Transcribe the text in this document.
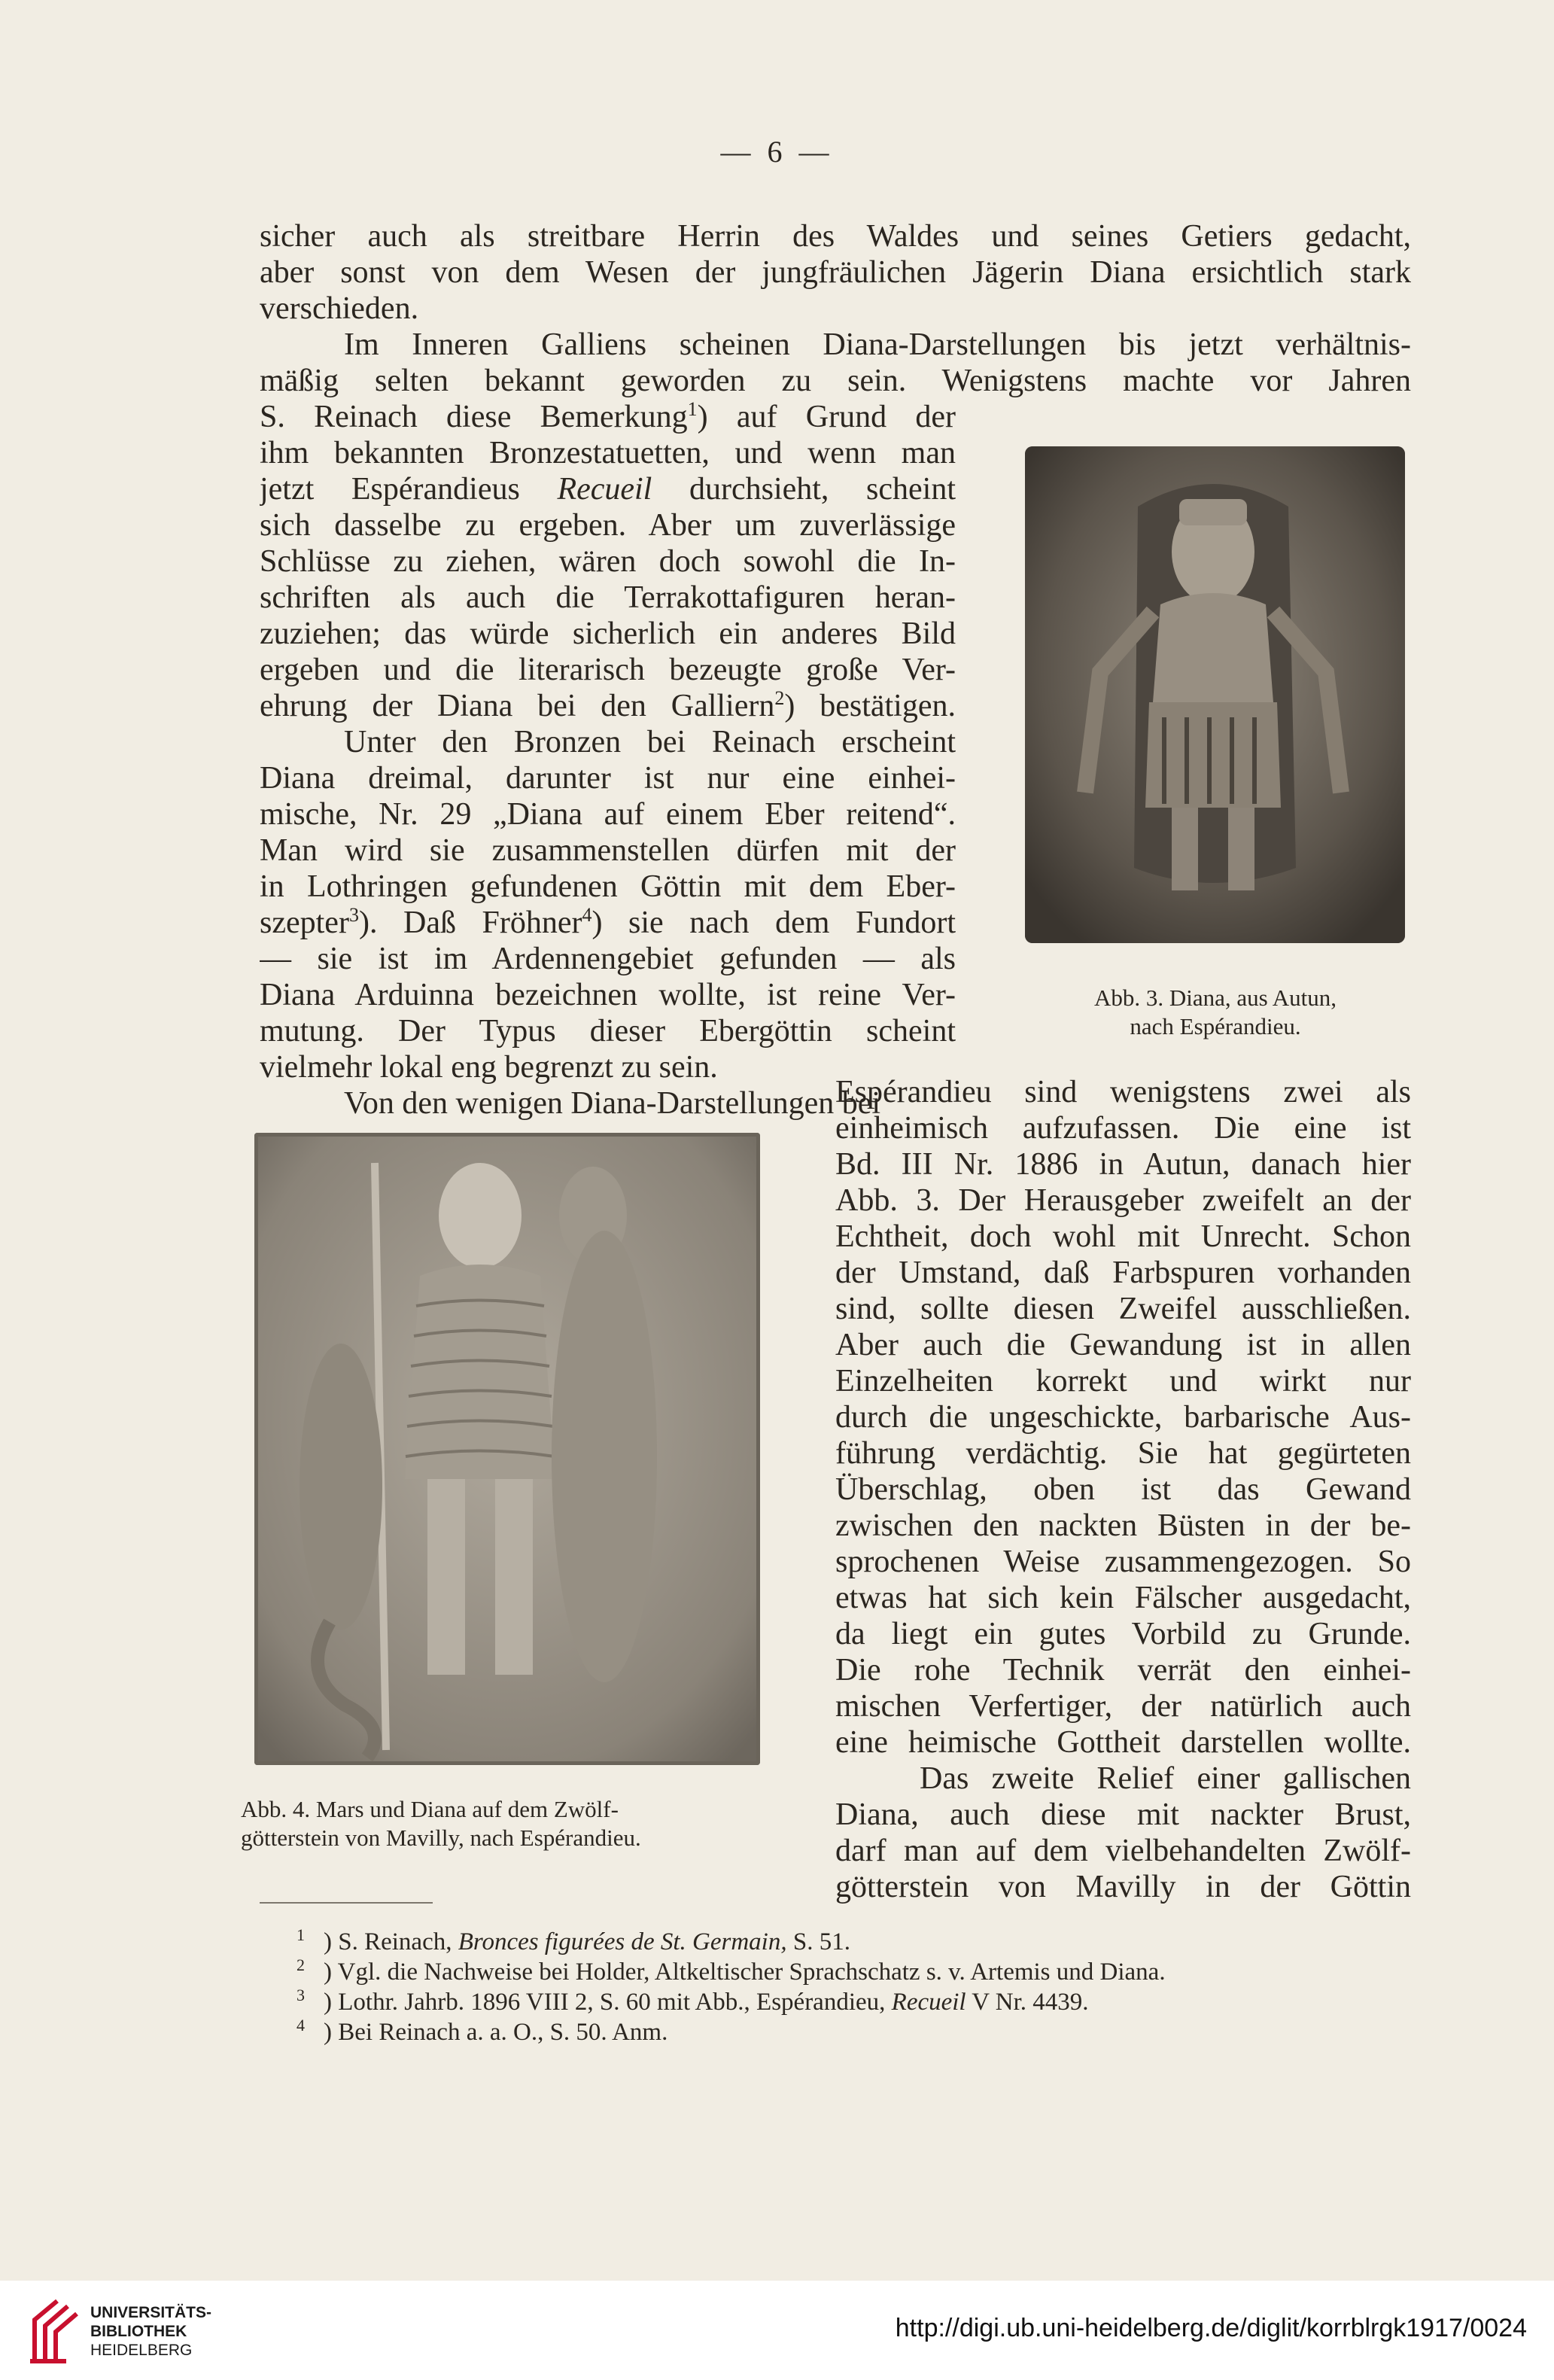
— 6 —
sicher auch als streitbare Herrin des Waldes und seines Getiers gedacht,
aber sonst von dem Wesen der jungfräulichen Jägerin Diana ersichtlich stark
verschieden.
Im Inneren Galliens scheinen Diana-Darstellungen bis jetzt verhältnis-
mäßig selten bekannt geworden zu sein. Wenigstens machte vor Jahren
S. Reinach diese Bemerkung$^1$) auf Grund der
ihm bekannten Bronzestatuetten, und wenn man
jetzt Espérandieus Recueil durchsieht, scheint
sich dasselbe zu ergeben. Aber um zuverlässige
Schlüsse zu ziehen, wären doch sowohl die In-
schriften als auch die Terrakottafiguren heran-
zuziehen; das würde sicherlich ein anderes Bild
ergeben und die literarisch bezeugte große Ver-
ehrung der Diana bei den Galliern$^2$) bestätigen.
Unter den Bronzen bei Reinach erscheint
Diana dreimal, darunter ist nur eine einhei-
mische, Nr. 29 „Diana auf einem Eber reitend“.
Man wird sie zusammenstellen dürfen mit der
in Lothringen gefundenen Göttin mit dem Eber-
szepter$^3$). Daß Fröhner$^4$) sie nach dem Fundort
— sie ist im Ardennengebiet gefunden — als
Diana Arduinna bezeichnen wollte, ist reine Ver-
mutung. Der Typus dieser Ebergöttin scheint
vielmehr lokal eng begrenzt zu sein.
Von den wenigen Diana-Darstellungen bei
Abb. 3. Diana, aus Autun,
nach Espérandieu.
Espérandieu sind wenigstens zwei als
einheimisch aufzufassen. Die eine ist
Bd. III Nr. 1886 in Autun, danach hier
Abb. 3. Der Herausgeber zweifelt an der
Echtheit, doch wohl mit Unrecht. Schon
der Umstand, daß Farbspuren vorhanden
sind, sollte diesen Zweifel ausschließen.
Aber auch die Gewandung ist in allen
Einzelheiten korrekt und wirkt nur
durch die ungeschickte, barbarische Aus-
führung verdächtig. Sie hat gegürteten
Überschlag, oben ist das Gewand
zwischen den nackten Büsten in der be-
sprochenen Weise zusammengezogen. So
etwas hat sich kein Fälscher ausgedacht,
da liegt ein gutes Vorbild zu Grunde.
Die rohe Technik verrät den einhei-
mischen Verfertiger, der natürlich auch
eine heimische Gottheit darstellen wollte.
Das zweite Relief einer gallischen
Diana, auch diese mit nackter Brust,
darf man auf dem vielbehandelten Zwölf-
götterstein von Mavilly in der Göttin
Abb. 4. Mars und Diana auf dem Zwölf-
götterstein von Mavilly, nach Espérandieu.
1 ) S. Reinach, Bronces figurées de St. Germain, S. 51.
2 ) Vgl. die Nachweise bei Holder, Altkeltischer Sprachschatz s. v. Artemis und Diana.
3 ) Lothr. Jahrb. 1896 VIII 2, S. 60 mit Abb., Espérandieu, Recueil V Nr. 4439.
4 ) Bei Reinach a. a. O., S. 50. Anm.
UNIVERSITÄTS-
BIBLIOTHEK
HEIDELBERG
http://digi.ub.uni-heidelberg.de/diglit/korrblrgk1917/0024
